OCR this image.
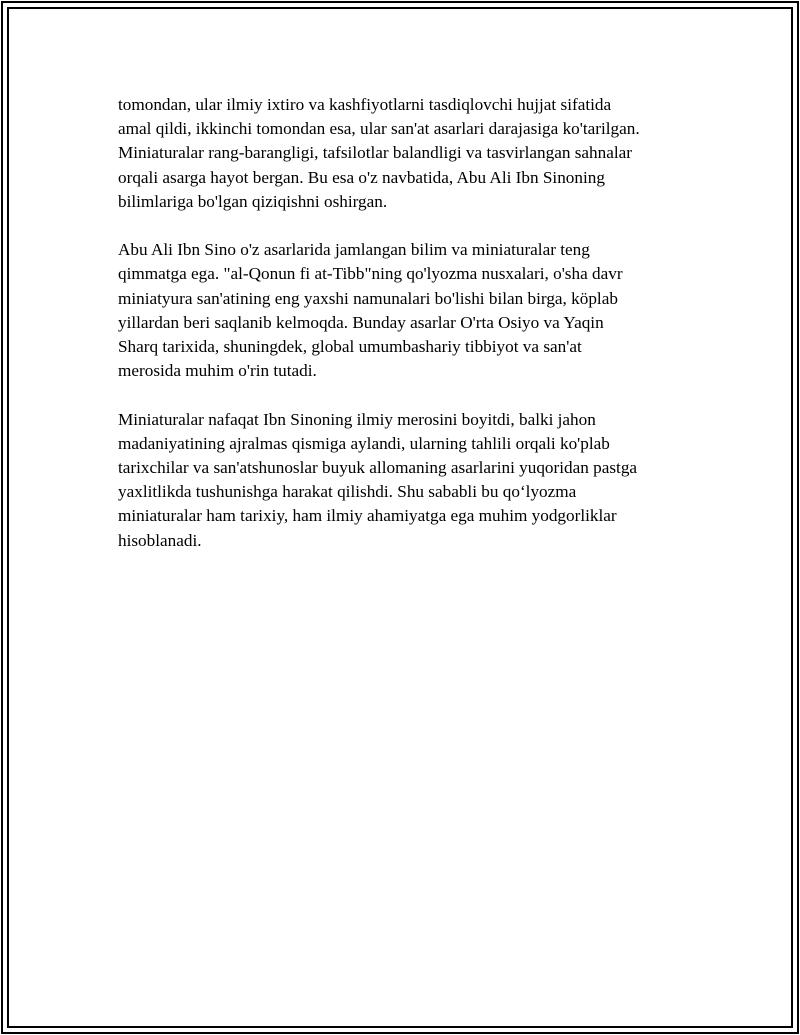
tomondan, ular ilmiy ixtiro va kashfiyotlarni tasdiqlovchi hujjat sifatida
amal qildi, ikkinchi tomondan esa, ular san'at asarlari darajasiga ko'tarilgan.
Miniaturalar rang-barangligi, tafsilotlar balandligi va tasvirlangan sahnalar
orqali asarga hayot bergan. Bu esa o'z navbatida, Abu Ali Ibn Sinoning
bilimlariga bo'lgan qiziqishni oshirgan.

Abu Ali Ibn Sino o'z asarlarida jamlangan bilim va miniaturalar teng
qimmatga ega. "al-Qonun fi at-Tibb"ning qo'lyozma nusxalari, o'sha davr
miniatyura san'atining eng yaxshi namunalari bo'lishi bilan birga, köplab
yillardan beri saqlanib kelmoqda. Bunday asarlar O'rta Osiyo va Yaqin
Sharq tarixida, shuningdek, global umumbashariy tibbiyot va san'at
merosida muhim o'rin tutadi.

Miniaturalar nafaqat Ibn Sinoning ilmiy merosini boyitdi, balki jahon
madaniyatining ajralmas qismiga aylandi, ularning tahlili orqali ko'plab
tarixchilar va san'atshunoslar buyuk allomaning asarlarini yuqoridan pastga
yaxlitlikda tushunishga harakat qilishdi. Shu sababli bu qo‘lyozma
miniaturalar ham tarixiy, ham ilmiy ahamiyatga ega muhim yodgorliklar
hisoblanadi.
